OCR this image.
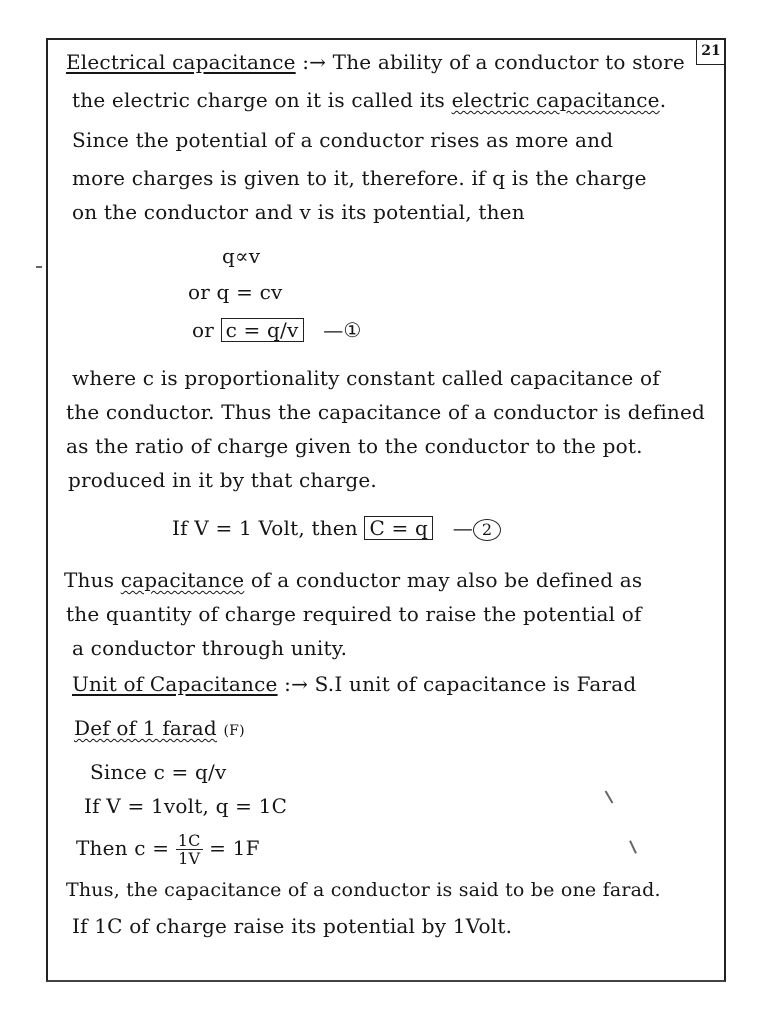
21
Electrical capacitance :→ The ability of a conductor to store
the electric charge on it is called its electric capacitance.
Since the potential of a conductor rises as more and
more charges is given to it, therefore. if q is the charge
on the conductor and v is its potential, then
q∝v
or q = cv
or c = q/v —①
where c is proportionality constant called capacitance of
the conductor. Thus the capacitance of a conductor is defined
as the ratio of charge given to the conductor to the pot.
produced in it by that charge.
If V = 1 Volt, then C = q — 2
Thus capacitance of a conductor may also be defined as
the quantity of charge required to raise the potential of
a conductor through unity.
Unit of Capacitance :→ S.I unit of capacitance is Farad
Def of 1 farad (F)
Since c = q/v
If V = 1volt, q = 1C
Then $c = \frac{1C}{1V} = 1F$
Thus, the capacitance of a conductor is said to be one farad.
If 1C of charge raise its potential by 1Volt.
